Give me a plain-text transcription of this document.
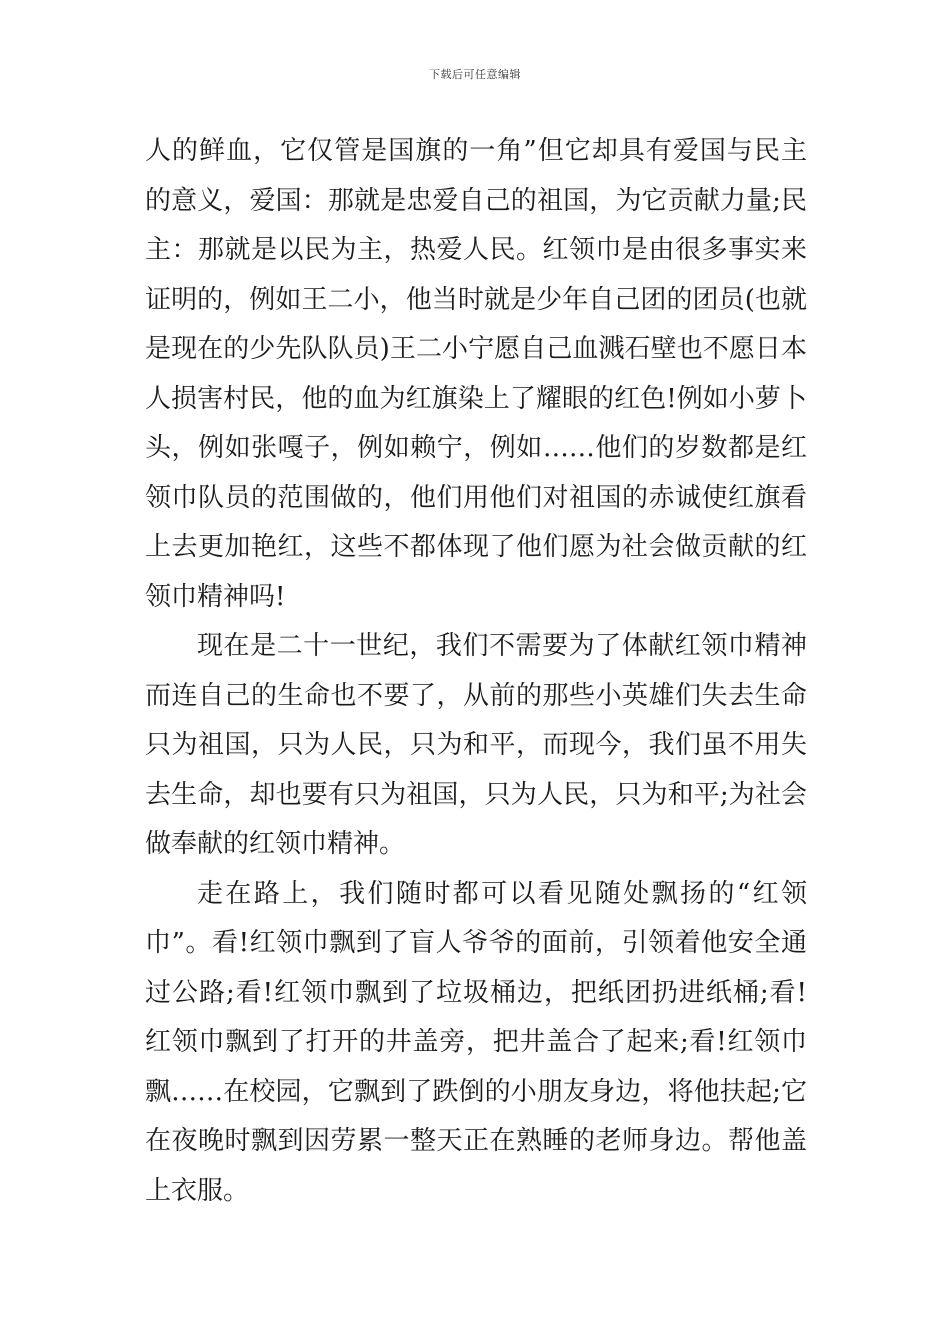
下载后可任意编辑
人的鲜血，它仅管是国旗的一角”但它却具有爱国与民主
的意义，爱国：那就是忠爱自己的祖国，为它贡献力量;民
主：那就是以民为主，热爱人民。红领巾是由很多事实来
证明的，例如王二小，他当时就是少年自己团的团员(也就
是现在的少先队队员)王二小宁愿自己血溅石壁也不愿日本
人损害村民，他的血为红旗染上了耀眼的红色!例如小萝卜
头，例如张嘎子，例如赖宁，例如……他们的岁数都是红
领巾队员的范围做的，他们用他们对祖国的赤诚使红旗看
上去更加艳红，这些不都体现了他们愿为社会做贡献的红
领巾精神吗!
现在是二十一世纪，我们不需要为了体献红领巾精神
而连自己的生命也不要了，从前的那些小英雄们失去生命
只为祖国，只为人民，只为和平，而现今，我们虽不用失
去生命，却也要有只为祖国，只为人民，只为和平;为社会
做奉献的红领巾精神。
走在路上，我们随时都可以看见随处飘扬的“红领
巾”。看!红领巾飘到了盲人爷爷的面前，引领着他安全通
过公路;看!红领巾飘到了垃圾桶边，把纸团扔进纸桶;看!
红领巾飘到了打开的井盖旁，把井盖合了起来;看!红领巾
飘……在校园，它飘到了跌倒的小朋友身边，将他扶起;它
在夜晚时飘到因劳累一整天正在熟睡的老师身边。帮他盖
上衣服。
